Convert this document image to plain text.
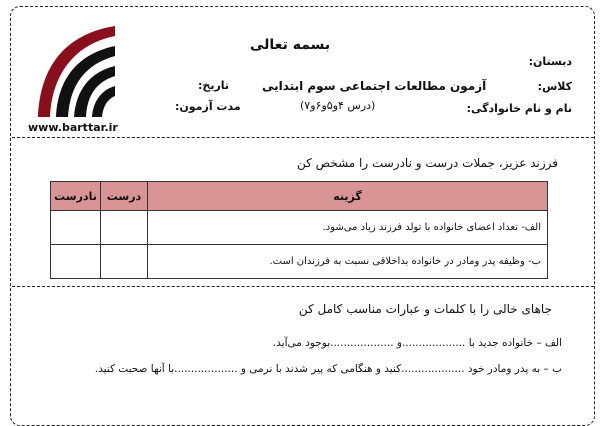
www.barttar.ir
بسمه تعالی
آزمون مطالعات اجتماعی سوم ابتدایی
(درس ۴و۵و۶و۷)
دبستان:
کلاس:
نام و نام خانوادگی:
تاریخ:
مدت آزمون:
فرزند عزیز، جملات درست و نادرست را مشخص کن
گزینه	درست	نادرست
الف- تعداد اعضای خانواده با تولد فرزند زیاد می‌شود.		
ب- وظیفه پدر ومادر در خانواده بداخلاقی نسبت به فرزندان است.		
جاهای خالی را با کلمات و عبارات مناسب کامل کن
الف – خانواده جدید با ...................و ...................بوجود می‌آید.
ب – به پدر ومادر خود ...................کنید و هنگامی که پیر شدند با نرمی و ...................با آنها صحبت کنید.
